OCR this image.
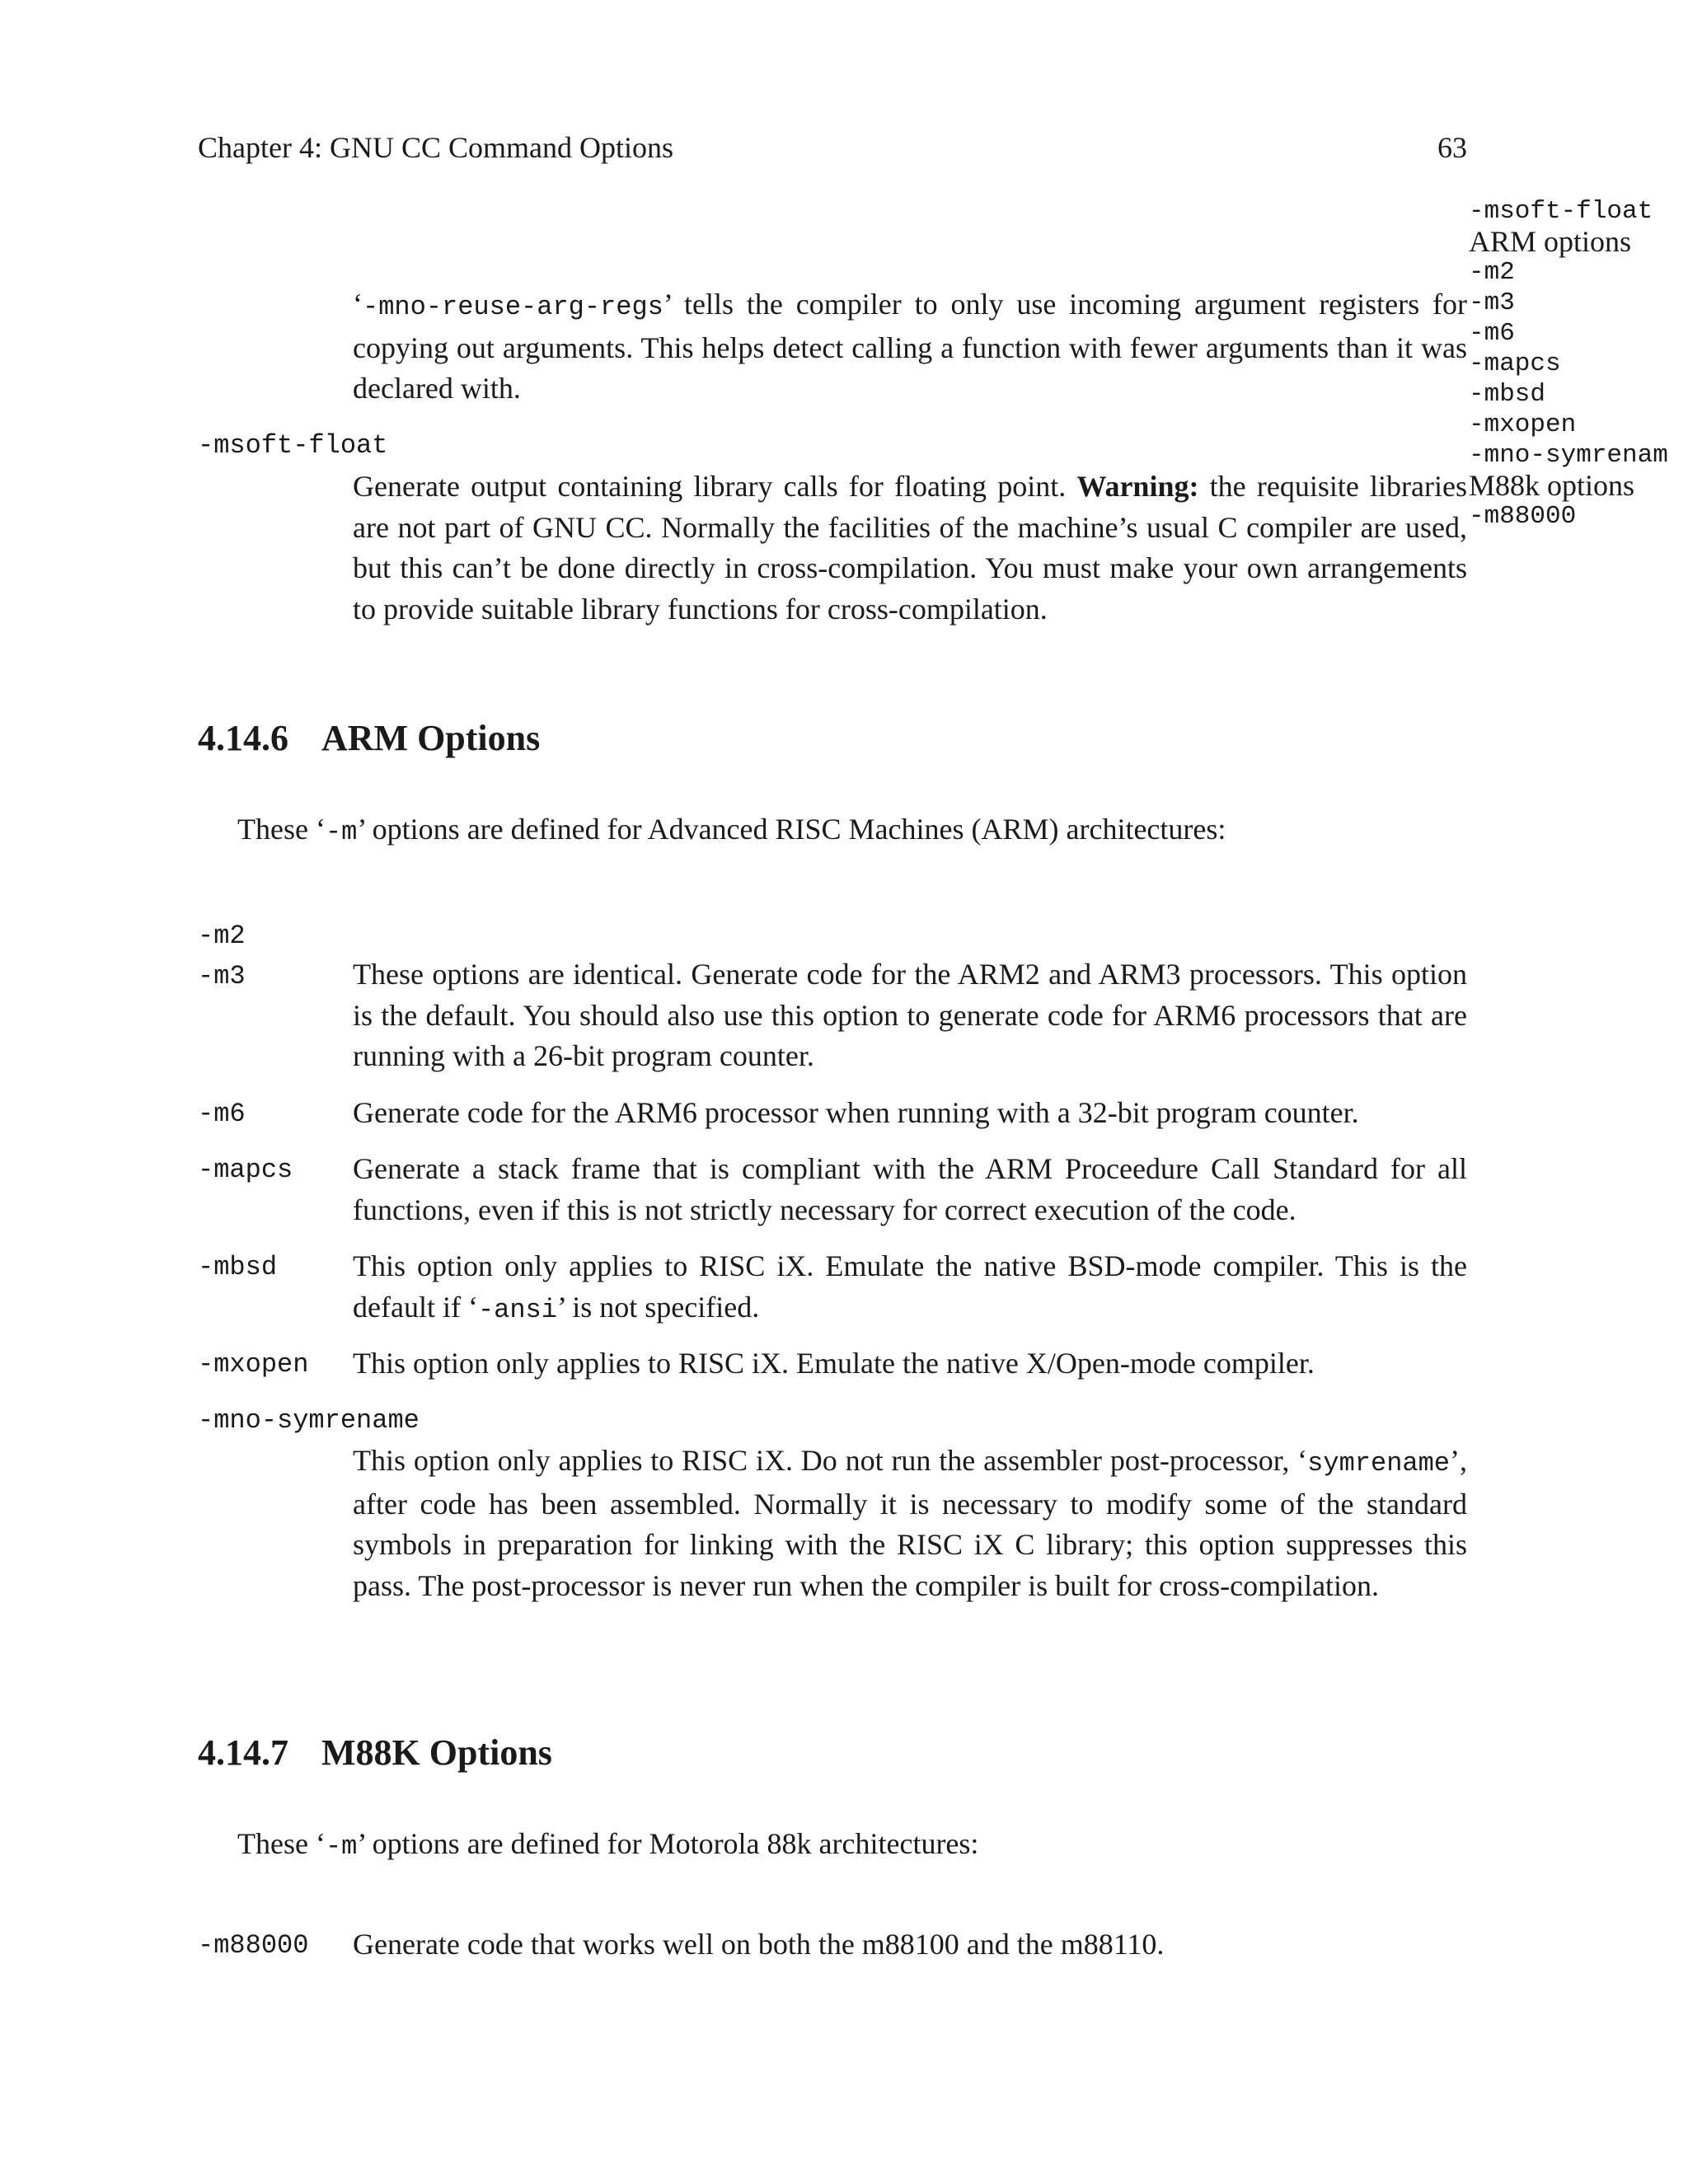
Chapter 4: GNU CC Command Options	63
-msoft-float
ARM options
-m2
-m3
-m6
-mapcs
-mbsd
-mxopen
-mno-symrenam
M88k options
-m88000
‘-mno-reuse-arg-regs’ tells the compiler to only use incoming argument registers for copying out arguments. This helps detect calling a function with fewer arguments than it was declared with.
-msoft-float
Generate output containing library calls for floating point. Warning: the requisite libraries are not part of GNU CC. Normally the facilities of the machine’s usual C compiler are used, but this can’t be done directly in cross-compilation. You must make your own arrangements to provide suitable library functions for cross-compilation.
4.14.6 ARM Options
These ‘-m’ options are defined for Advanced RISC Machines (ARM) architectures:
-m2
-m3	These options are identical. Generate code for the ARM2 and ARM3 processors. This option is the default. You should also use this option to generate code for ARM6 processors that are running with a 26-bit program counter.
-m6	Generate code for the ARM6 processor when running with a 32-bit program counter.
-mapcs Generate a stack frame that is compliant with the ARM Proceedure Call Standard for all functions, even if this is not strictly necessary for correct execution of the code.
-mbsd	This option only applies to RISC iX. Emulate the native BSD-mode compiler. This is the default if ‘-ansi’ is not specified.
-mxopen This option only applies to RISC iX. Emulate the native X/Open-mode compiler.
-mno-symrename
This option only applies to RISC iX. Do not run the assembler post-processor, ‘symrename’, after code has been assembled. Normally it is necessary to modify some of the standard symbols in preparation for linking with the RISC iX C library; this option suppresses this pass. The post-processor is never run when the compiler is built for cross-compilation.
4.14.7 M88K Options
These ‘-m’ options are defined for Motorola 88k architectures:
-m88000 Generate code that works well on both the m88100 and the m88110.
